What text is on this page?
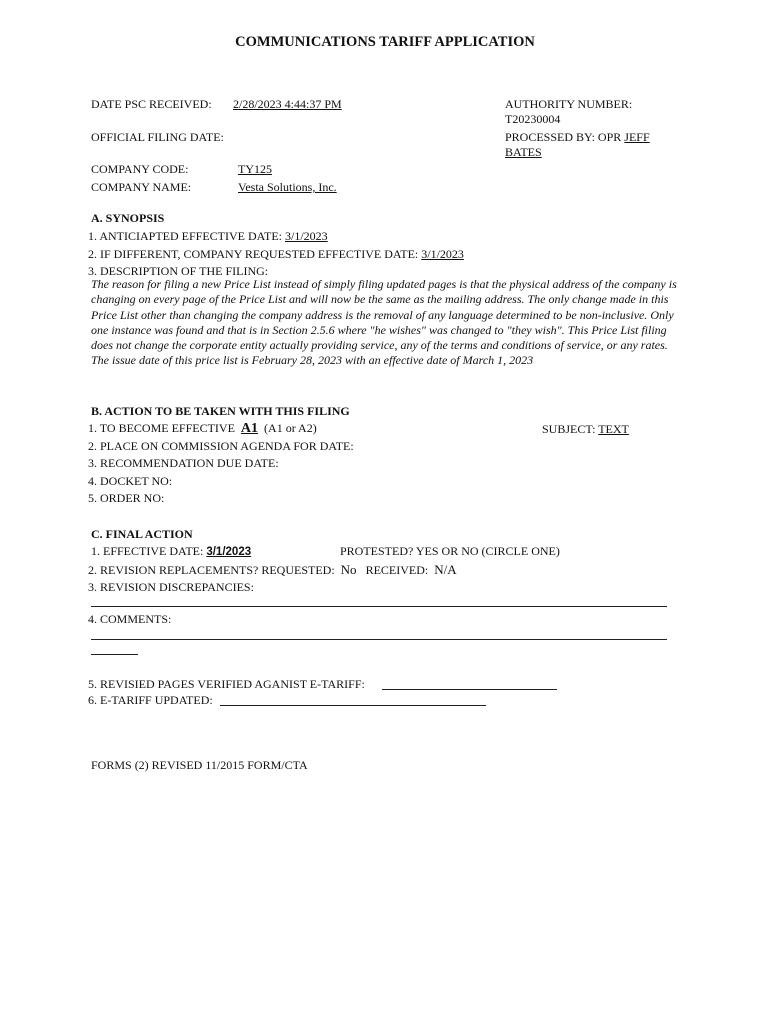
COMMUNICATIONS TARIFF APPLICATION
DATE PSC RECEIVED: 2/28/2023 4:44:37 PM	AUTHORITY NUMBER:
T20230004
OFFICIAL FILING DATE:	PROCESSED BY: OPR JEFF
BATES
COMPANY CODE:	TY125
COMPANY NAME:	Vesta Solutions, Inc.
A. SYNOPSIS
1. ANTICIAPTED EFFECTIVE DATE: 3/1/2023
2. IF DIFFERENT, COMPANY REQUESTED EFFECTIVE DATE: 3/1/2023
3. DESCRIPTION OF THE FILING:
The reason for filing a new Price List instead of simply filing updated pages is that the physical address of the company is changing on every page of the Price List and will now be the same as the mailing address. The only change made in this Price List other than changing the company address is the removal of any language determined to be non-inclusive. Only one instance was found and that is in Section 2.5.6 where "he wishes" was changed to "they wish". This Price List filing does not change the corporate entity actually providing service, any of the terms and conditions of service, or any rates. The issue date of this price list is February 28, 2023 with an effective date of March 1, 2023
B. ACTION TO BE TAKEN WITH THIS FILING
1. TO BECOME EFFECTIVE A1 (A1 or A2)	SUBJECT: TEXT
2. PLACE ON COMMISSION AGENDA FOR DATE:
3. RECOMMENDATION DUE DATE:
4. DOCKET NO:
5. ORDER NO:
C. FINAL ACTION
1. EFFECTIVE DATE: 3/1/2023	PROTESTED? YES OR NO (CIRCLE ONE)
2. REVISION REPLACEMENTS? REQUESTED: No RECEIVED: N/A
3. REVISION DISCREPANCIES:
4. COMMENTS:
5. REVISIED PAGES VERIFIED AGANIST E-TARIFF:
6. E-TARIFF UPDATED:
FORMS (2) REVISED 11/2015 FORM/CTA
